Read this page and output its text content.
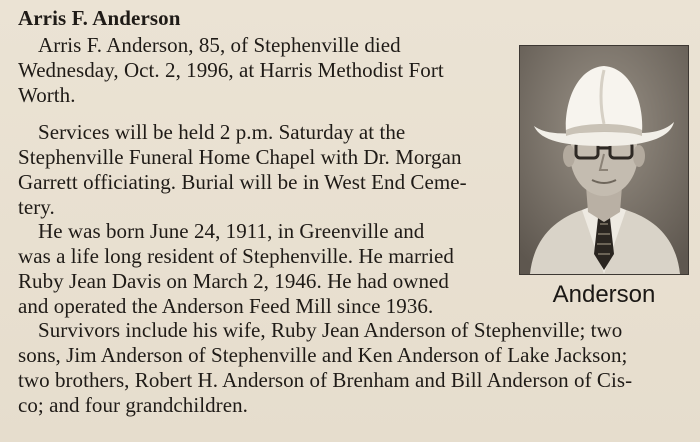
Arris F. Anderson

Arris F. Anderson, 85, of Stephenville died
Wednesday, Oct. 2, 1996, at Harris Methodist Fort
Worth.

Services will be held 2 p.m. Saturday at the
Stephenville Funeral Home Chapel with Dr. Morgan
Garrett officiating. Burial will be in West End Ceme-
tery.

He was born June 24, 1911, in Greenville and
was a life long resident of Stephenville. He married
Ruby Jean Davis on March 2, 1946. He had owned
and operated the Anderson Feed Mill since 1936.

Survivors include his wife, Ruby Jean Anderson of Stephenville; two
sons, Jim Anderson of Stephenville and Ken Anderson of Lake Jackson;
two brothers, Robert H. Anderson of Brenham and Bill Anderson of Cis-
co; and four grandchildren.

Anderson
